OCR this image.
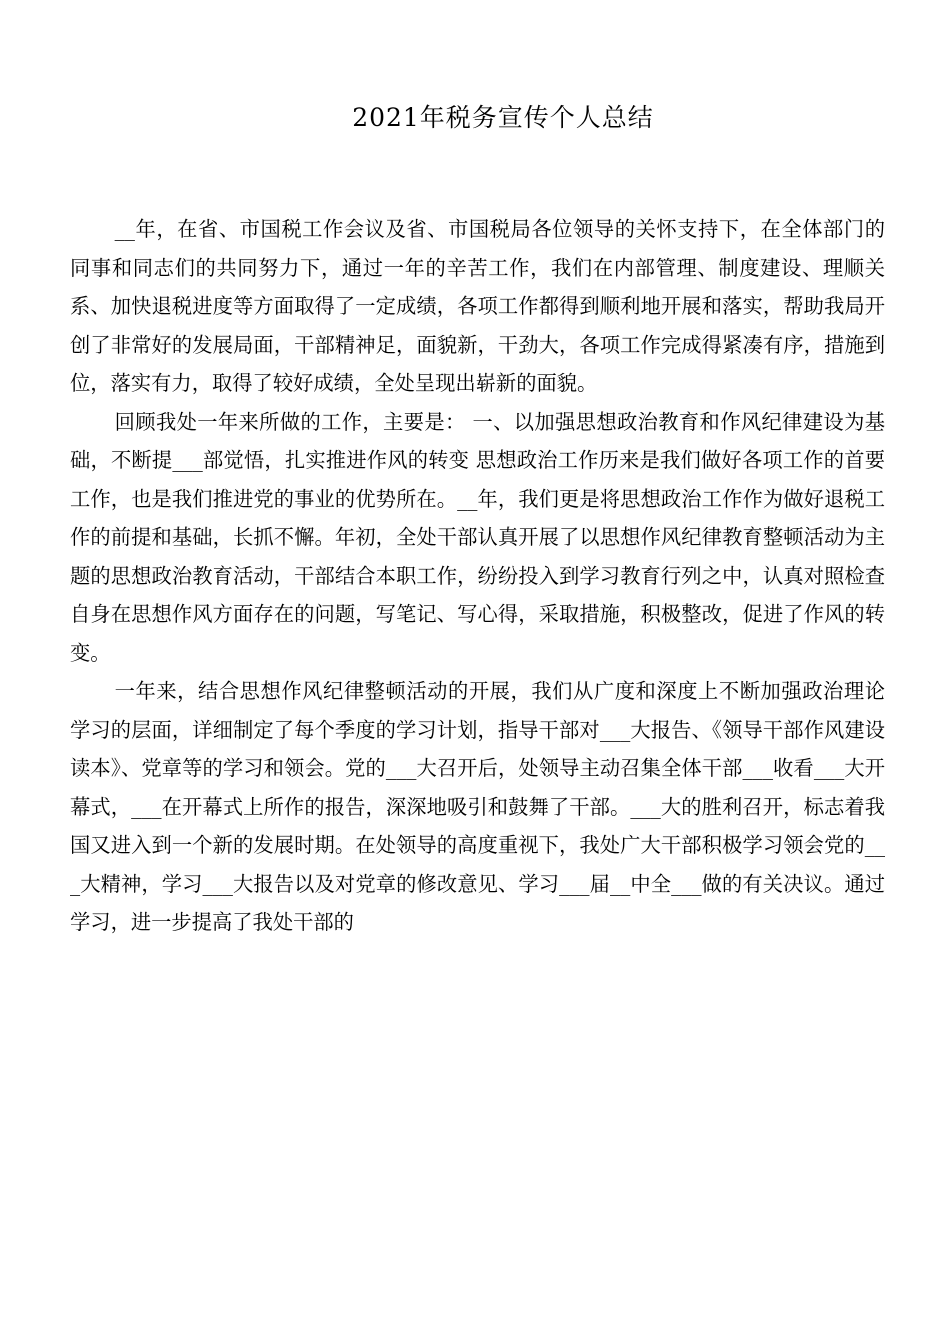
2021年税务宣传个人总结

__年，在省、市国税工作会议及省、市国税局各位领导的关怀支持下，在全体部门的同事和同志们的共同努力下，通过一年的辛苦工作，我们在内部管理、制度建设、理顺关系、加快退税进度等方面取得了一定成绩，各项工作都得到顺利地开展和落实，帮助我局开创了非常好的发展局面，干部精神足，面貌新，干劲大，各项工作完成得紧凑有序，措施到位，落实有力，取得了较好成绩，全处呈现出崭新的面貌。

回顾我处一年来所做的工作，主要是： 一、以加强思想政治教育和作风纪律建设为基础，不断提___部觉悟，扎实推进作风的转变 思想政治工作历来是我们做好各项工作的首要工作，也是我们推进党的事业的优势所在。__年，我们更是将思想政治工作作为做好退税工作的前提和基础，长抓不懈。年初，全处干部认真开展了以思想作风纪律教育整顿活动为主题的思想政治教育活动，干部结合本职工作，纷纷投入到学习教育行列之中，认真对照检查自身在思想作风方面存在的问题，写笔记、写心得，采取措施，积极整改，促进了作风的转变。

一年来，结合思想作风纪律整顿活动的开展，我们从广度和深度上不断加强政治理论学习的层面，详细制定了每个季度的学习计划，指导干部对___大报告、《领导干部作风建设读本》、党章等的学习和领会。党的___大召开后，处领导主动召集全体干部___收看___大开幕式，___在开幕式上所作的报告，深深地吸引和鼓舞了干部。___大的胜利召开，标志着我国又进入到一个新的发展时期。在处领导的高度重视下，我处广大干部积极学习领会党的___大精神，学习___大报告以及对党章的修改意见、学习___届__中全___做的有关决议。通过学习，进一步提高了我处干部的
